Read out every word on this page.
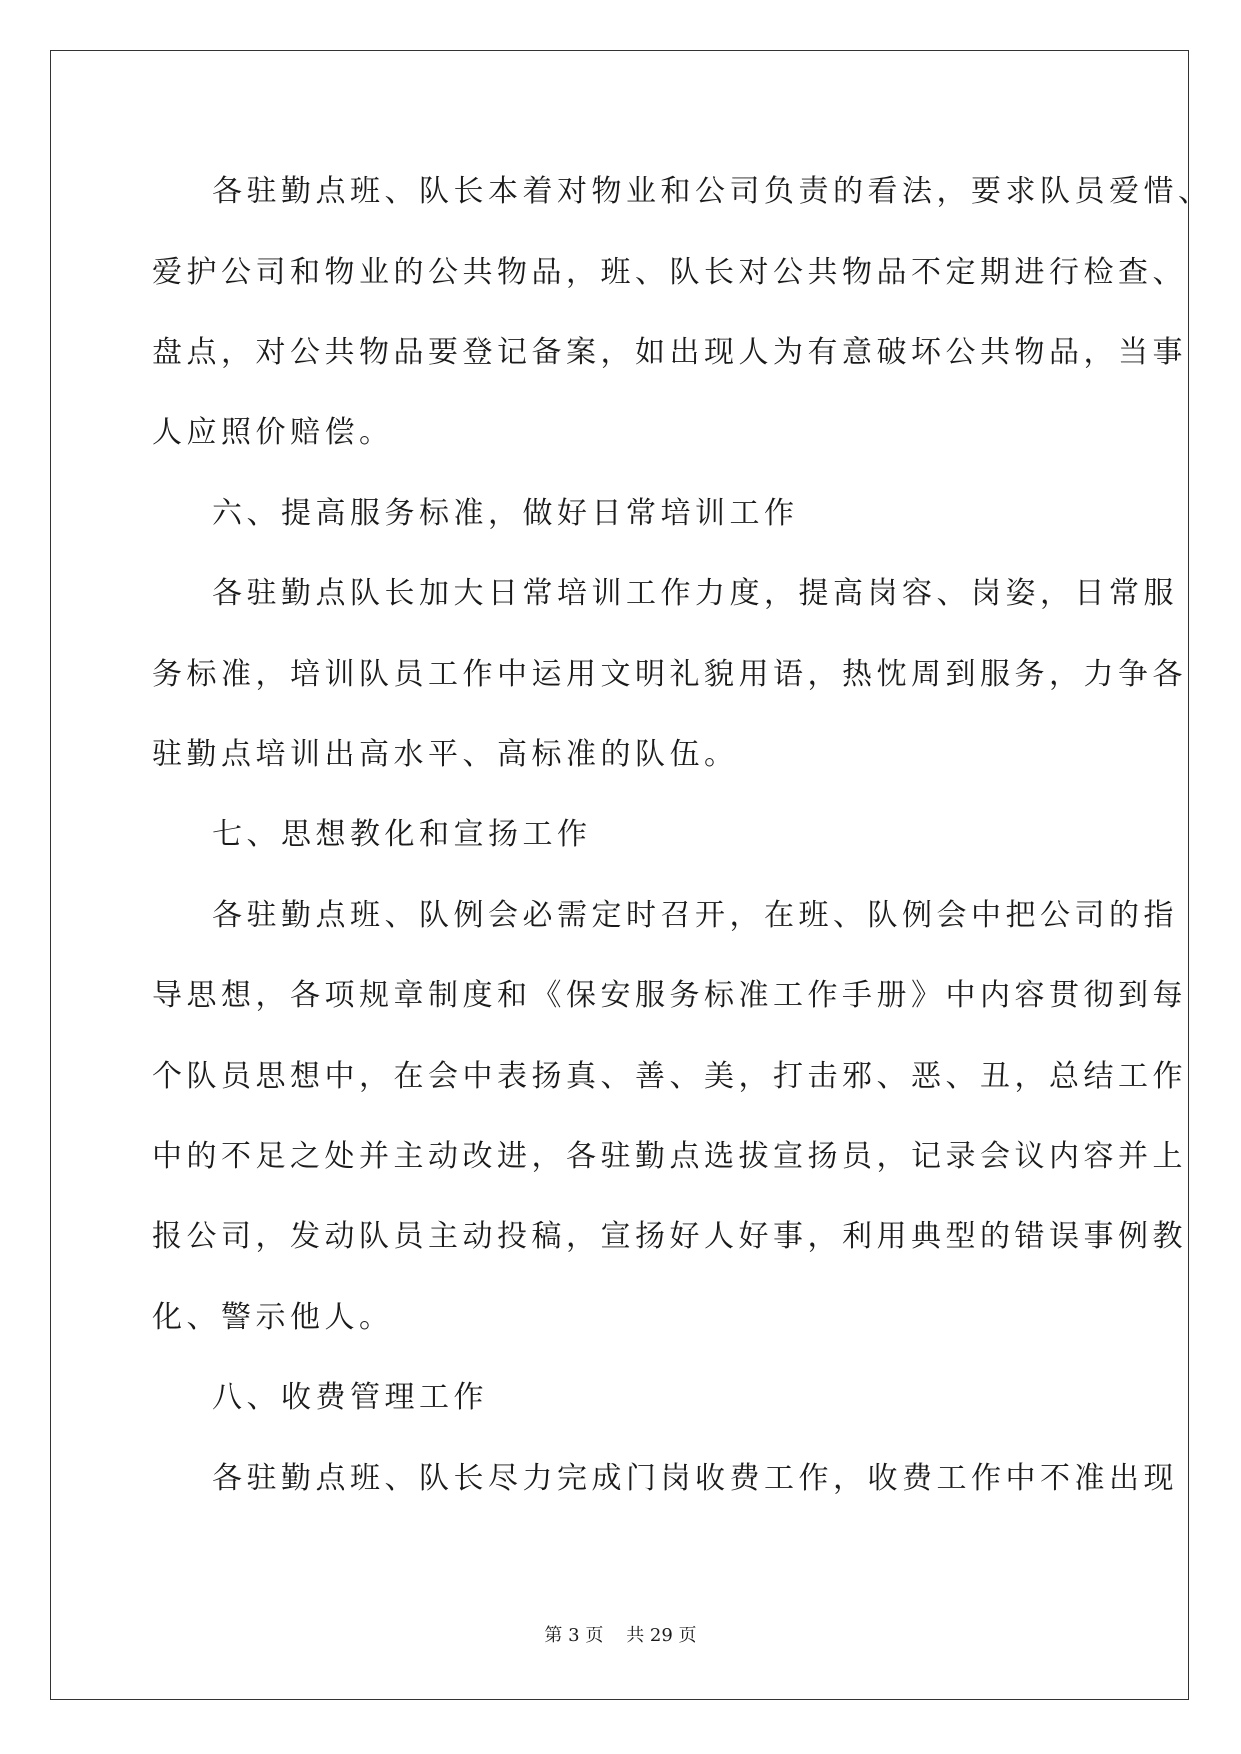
各驻勤点班、队长本着对物业和公司负责的看法，要求队员爱惜、
爱护公司和物业的公共物品，班、队长对公共物品不定期进行检查、
盘点，对公共物品要登记备案，如出现人为有意破坏公共物品，当事
人应照价赔偿。
六、提高服务标准，做好日常培训工作
各驻勤点队长加大日常培训工作力度，提高岗容、岗姿，日常服
务标准，培训队员工作中运用文明礼貌用语，热忱周到服务，力争各
驻勤点培训出高水平、高标准的队伍。
七、思想教化和宣扬工作
各驻勤点班、队例会必需定时召开，在班、队例会中把公司的指
导思想，各项规章制度和《保安服务标准工作手册》中内容贯彻到每
个队员思想中，在会中表扬真、善、美，打击邪、恶、丑，总结工作
中的不足之处并主动改进，各驻勤点选拔宣扬员，记录会议内容并上
报公司，发动队员主动投稿，宣扬好人好事，利用典型的错误事例教
化、警示他人。
八、收费管理工作
各驻勤点班、队长尽力完成门岗收费工作，收费工作中不准出现
第 3 页    共 29 页
